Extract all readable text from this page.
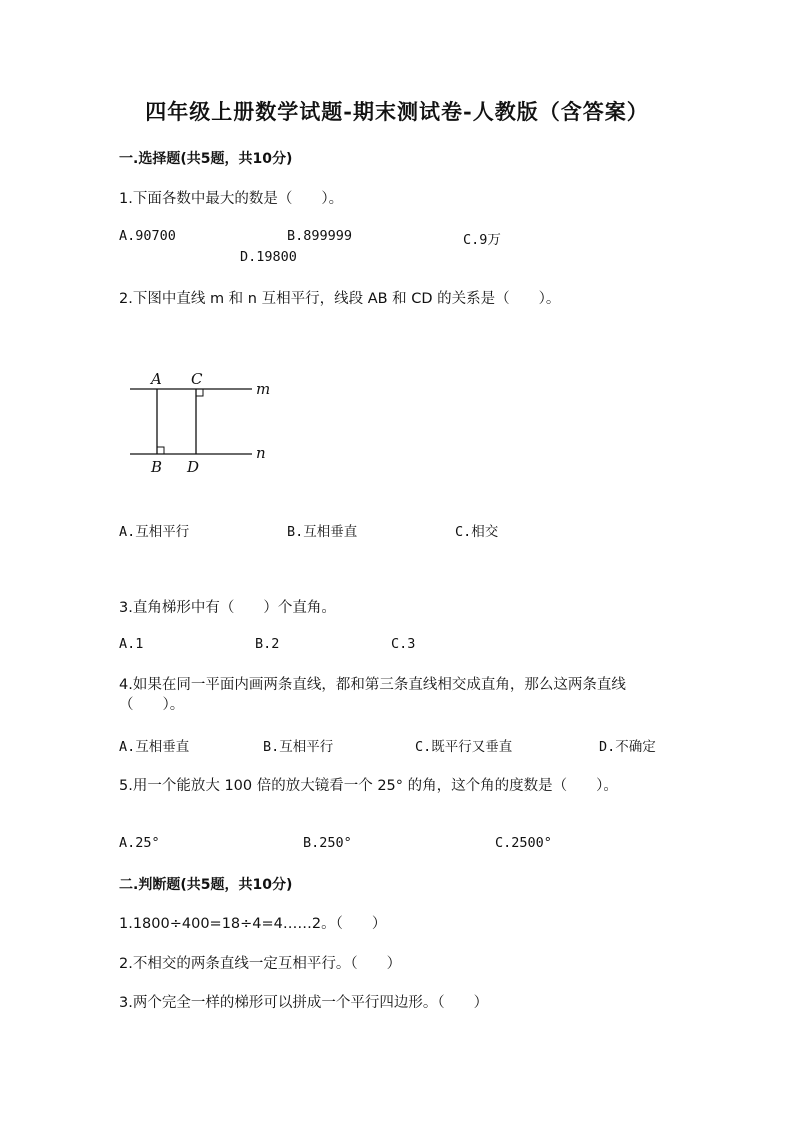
四年级上册数学试题-期末测试卷-人教版（含答案）
一.选择题(共5题，共10分)
1.下面各数中最大的数是（　　）。
A.90700	B.899999	C.9万
D.19800
2.下图中直线 m 和 n 互相平行，线段 AB 和 CD 的关系是（　　）。
A C
m
B D
n
A.互相平行	B.互相垂直	C.相交
3.直角梯形中有（　　）个直角。
A.1	B.2	C.3
4.如果在同一平面内画两条直线，都和第三条直线相交成直角，那么这两条直线（　　）。
A.互相垂直	B.互相平行	C.既平行又垂直	D.不确定
5.用一个能放大 100 倍的放大镜看一个 25° 的角，这个角的度数是（　　）。
A.25°	B.250°	C.2500°
二.判断题(共5题，共10分)
1.1800÷400=18÷4=4……2。（　　）
2.不相交的两条直线一定互相平行。（　　）
3.两个完全一样的梯形可以拼成一个平行四边形。（　　）
